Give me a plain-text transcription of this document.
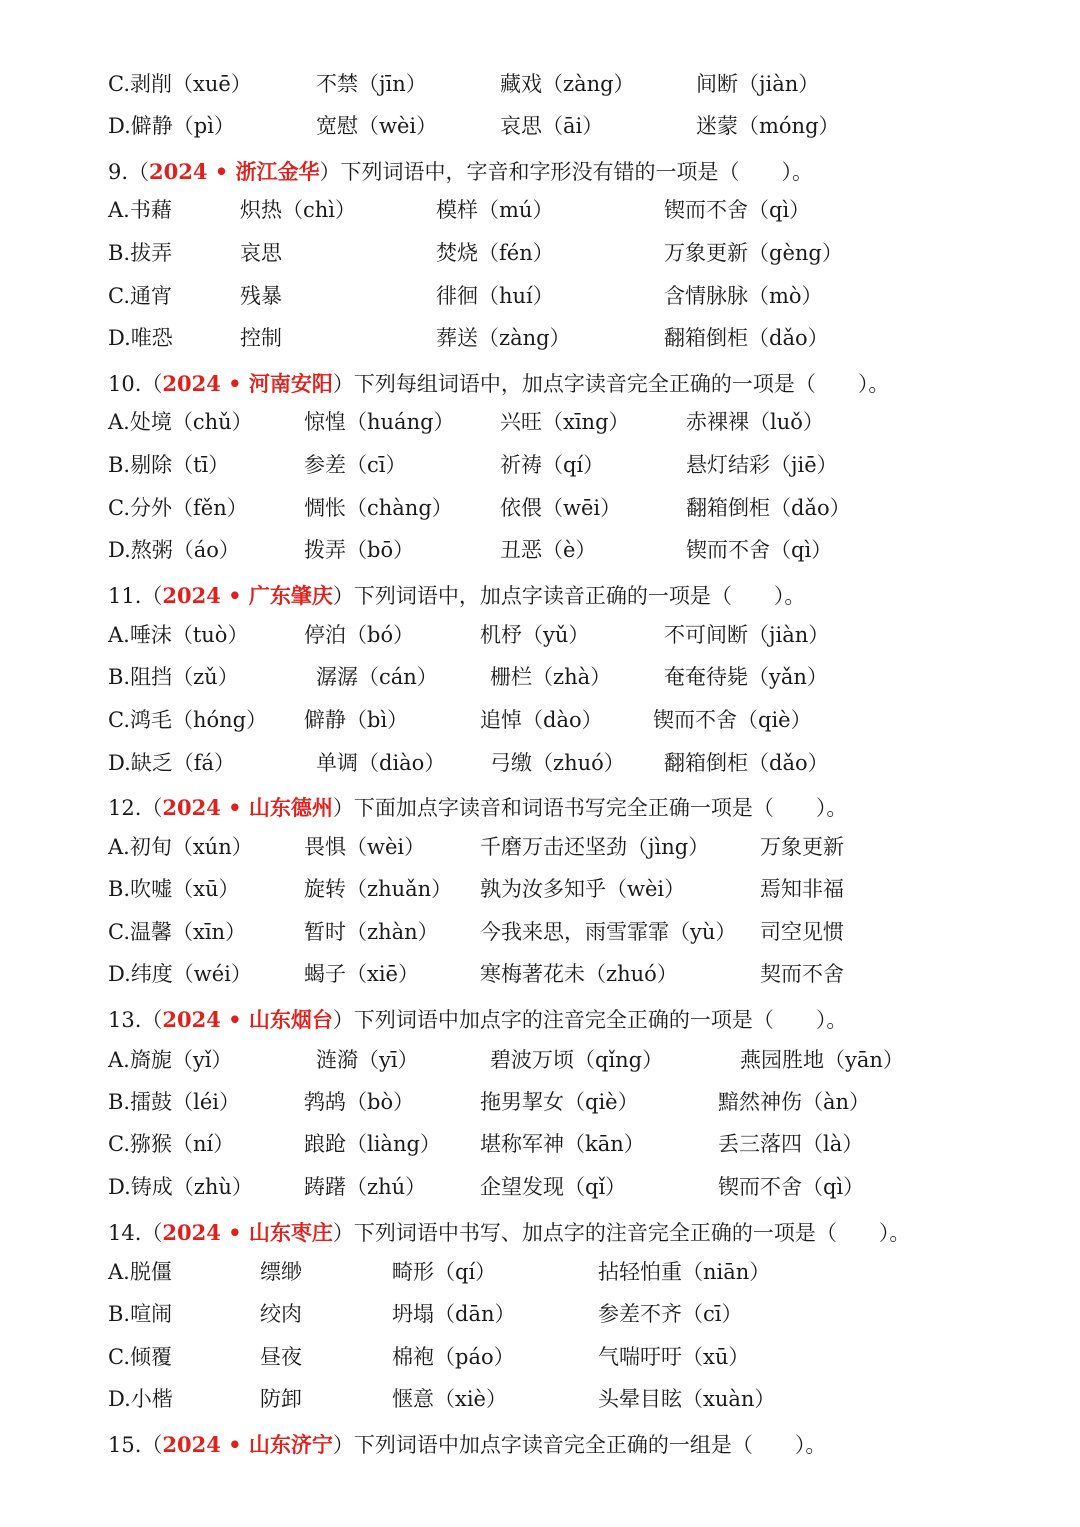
C.剥削（xuē）	不禁（jīn）	藏戏（zàng）	间断（jiàn）
D.僻静（pì）	宽慰（wèi）	哀思（āi）	迷蒙（móng）
9.（2024 • 浙江金华）下列词语中，字音和字形没有错的一项是（　　）。
A.书藉	炽热（chì）	模样（mú）	锲而不舍（qì）
B.拔弄	哀思	焚烧（fén）	万象更新（gèng）
C.通宵	残暴	徘徊（huí）	含情脉脉（mò）
D.唯恐	控制	葬送（zàng）	翻箱倒柜（dǎo）
10.（2024 • 河南安阳）下列每组词语中，加点字读音完全正确的一项是（　　）。
A.处境（chǔ） 惊惶（huáng） 兴旺（xīng）	赤裸裸（luǒ）
B.剔除（tī）	参差（cī）	祈祷（qí）	悬灯结彩（jiē）
C.分外（fěn）	惆怅（chàng） 依偎（wēi）	翻箱倒柜（dǎo）
D.熬粥（áo）	拨弄（bō）	丑恶（è）	锲而不舍（qì）
11.（2024 • 广东肇庆）下列词语中，加点字读音正确的一项是（　　）。
A.唾沫（tuò）	停泊（bó）	机杼（yǔ）	不可间断（jiàn）
B.阻挡（zǔ）	潺潺（cán） 栅栏（zhà）	奄奄待毙（yǎn）
C.鸿毛（hóng） 僻静（bì）	追悼（dào） 锲而不舍（qiè）
D.缺乏（fá）	单调（diào） 弓缴（zhuó） 翻箱倒柜（dǎo）
12.（2024 • 山东德州）下面加点字读音和词语书写完全正确一项是（　　）。
A.初旬（xún） 畏惧（wèi）	千磨万击还坚劲（jìng） 万象更新
B.吹嘘（xū）	旋转（zhuǎn） 孰为汝多知乎（wèi）	焉知非福
C.温馨（xīn）	暂时（zhàn） 今我来思，雨雪霏霏（yù） 司空见惯
D.纬度（wéi） 蝎子（xiē）	寒梅著花未（zhuó）	契而不舍
13.（2024 • 山东烟台）下列词语中加点字的注音完全正确的一项是（　　）。
A.旖旎（yǐ）	涟漪（yī）	碧波万顷（qǐng）	燕园胜地（yān）
B.擂鼓（léi）	鹁鸪（bò）	拖男挈女（qiè）	黯然神伤（àn）
C.猕猴（ní）	踉跄（liàng） 堪称军神（kān）	丢三落四（là）
D.铸成（zhù） 踌躇（zhú）	企望发现（qǐ）	锲而不舍（qì）
14.（2024 • 山东枣庄）下列词语中书写、加点字的注音完全正确的一项是（　　）。
A.脱僵	缥缈	畸形（qí）	拈轻怕重（niān）
B.喧闹	绞肉	坍塌（dān）	参差不齐（cī）
C.倾覆	昼夜	棉袍（páo）	气喘吁吁（xū）
D.小楷	防卸	惬意（xiè）	头晕目眩（xuàn）
15.（2024 • 山东济宁）下列词语中加点字读音完全正确的一组是（　　）。
